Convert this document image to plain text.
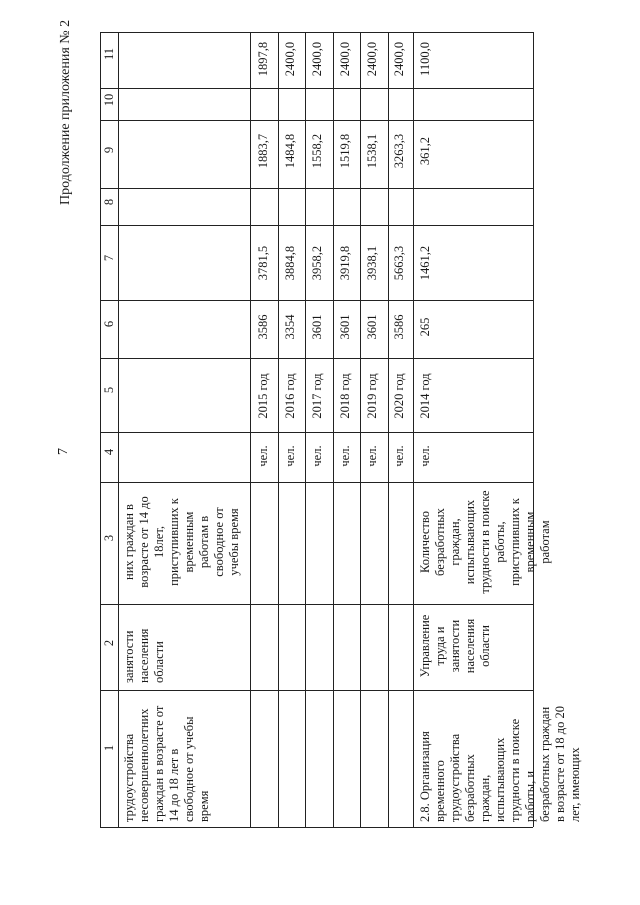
7
Продолжение приложения № 2
1
2
3
4
5
6
7
8
9
10
11
трудоустройства несовершеннолетних граждан в возрасте от 14 до 18 лет в свободное от учебы время
занятости населения области
них граждан в возрасте от 14 до 18лет, приступивших к временным работам в свободное от учебы время
чел.
2015 год
3586
3781,5
1883,7
1897,8
чел.
2016 год
3354
3884,8
1484,8
2400,0
чел.
2017 год
3601
3958,2
1558,2
2400,0
чел.
2018 год
3601
3919,8
1519,8
2400,0
чел.
2019 год
3601
3938,1
1538,1
2400,0
чел.
2020 год
3586
5663,3
3263,3
2400,0
2.8. Организация временного трудоустройства безработных граждан, испытывающих трудности в поиске работы, и безработных граждан в возрасте от 18 до 20 лет, имеющих
Управление труда и занятости населения области
Количество безработных граждан, испытывающих трудности в поиске работы, приступивших к временным работам
чел.
2014 год
265
1461,2
361,2
1100,0
